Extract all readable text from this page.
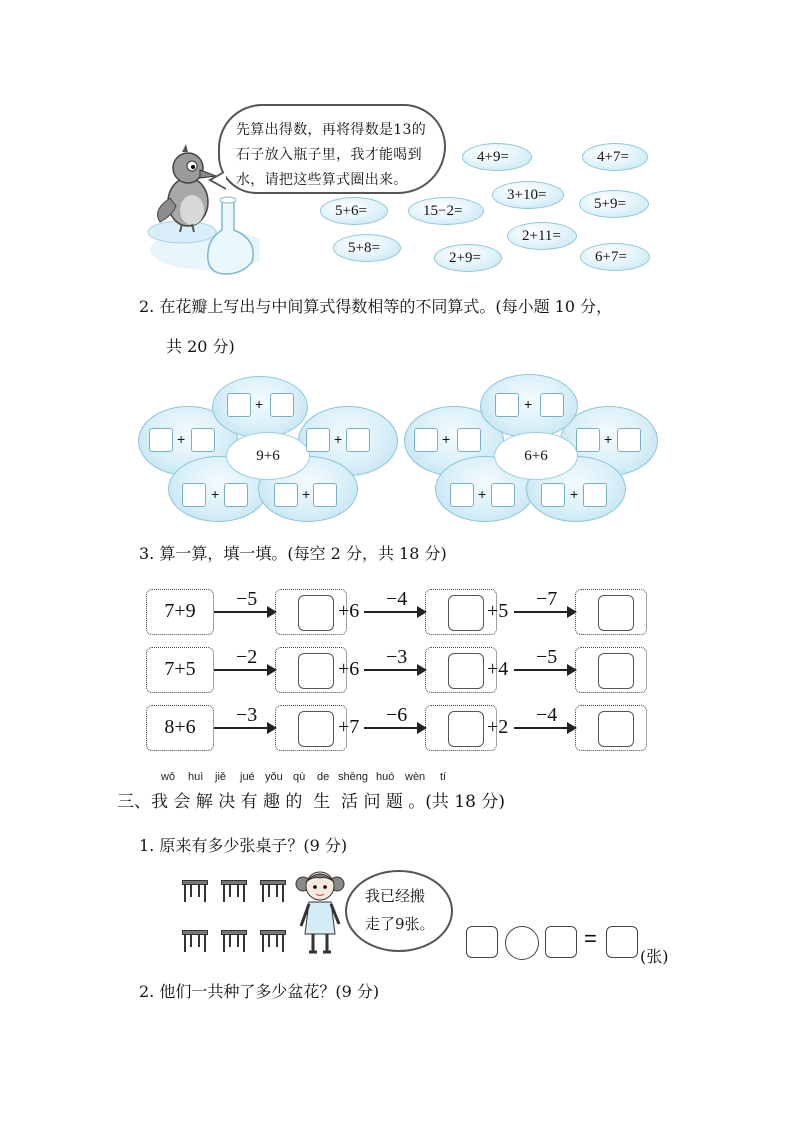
先算出得数，再将得数是13的
石子放入瓶子里，我才能喝到
水，请把这些算式圈出来。
4+9=	4+7=
3+10=
5+9=
5+6=	15−2=
2+11=
5+8=
2+9=	6+7=
2. 在花瓣上写出与中间算式得数相等的不同算式。(每小题 10 分，
共 20 分)
9+6
+
+	+
+	+
6+6
+
+	+
+	+
3. 算一算，填一填。(每空 2 分，共 18 分)
7+9
−5
+6
−4
+5
−7
7+5
−2
+6
−3
+4
−5
8+6
−3
+7
−6
+2
−4
wǒ huì jiě jué yǒu qù de shēng huó wèn tí
三、我 会 解 决 有 趣 的  生  活 问 题 。(共 18 分)
1. 原来有多少张桌子？(9 分)
我已经搬
走了9张。
=
(张)
2. 他们一共种了多少盆花？(9 分)
